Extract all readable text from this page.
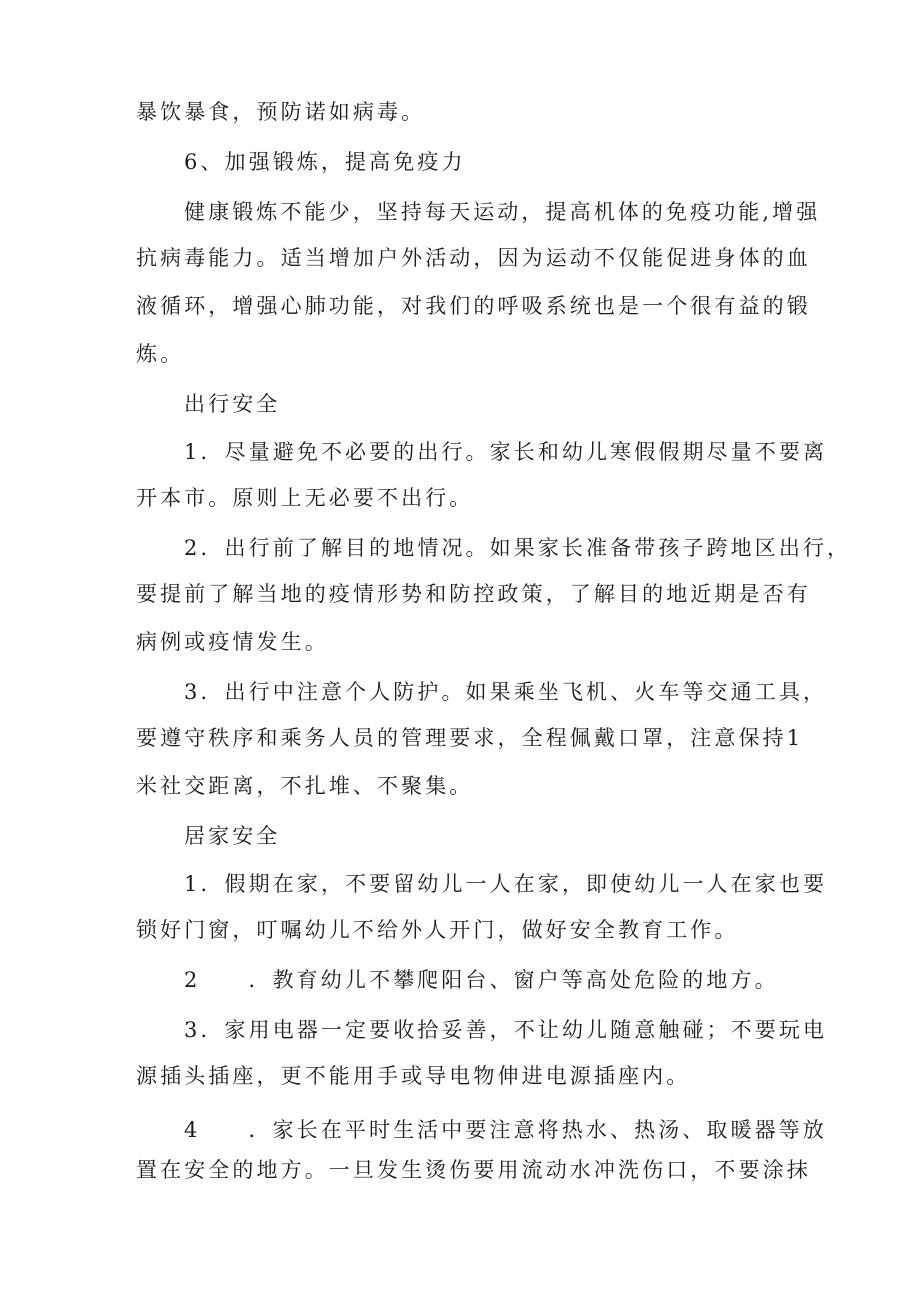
暴饮暴食，预防诺如病毒。
6、加强锻炼，提高免疫力
健康锻炼不能少，坚持每天运动，提高机体的免疫功能,增强
抗病毒能力。适当增加户外活动，因为运动不仅能促进身体的血
液循环，增强心肺功能，对我们的呼吸系统也是一个很有益的锻
炼。
出行安全
1．尽量避免不必要的出行。家长和幼儿寒假假期尽量不要离
开本市。原则上无必要不出行。
2．出行前了解目的地情况。如果家长准备带孩子跨地区出行，
要提前了解当地的疫情形势和防控政策，了解目的地近期是否有
病例或疫情发生。
3．出行中注意个人防护。如果乘坐飞机、火车等交通工具，
要遵守秩序和乘务人员的管理要求，全程佩戴口罩，注意保持1
米社交距离，不扎堆、不聚集。
居家安全
1．假期在家，不要留幼儿一人在家，即使幼儿一人在家也要
锁好门窗，叮嘱幼儿不给外人开门，做好安全教育工作。
2 ．教育幼儿不攀爬阳台、窗户等高处危险的地方。
3．家用电器一定要收拾妥善，不让幼儿随意触碰；不要玩电
源插头插座，更不能用手或导电物伸进电源插座内。
4 ．家长在平时生活中要注意将热水、热汤、取暖器等放
置在安全的地方。一旦发生烫伤要用流动水冲洗伤口，不要涂抹
